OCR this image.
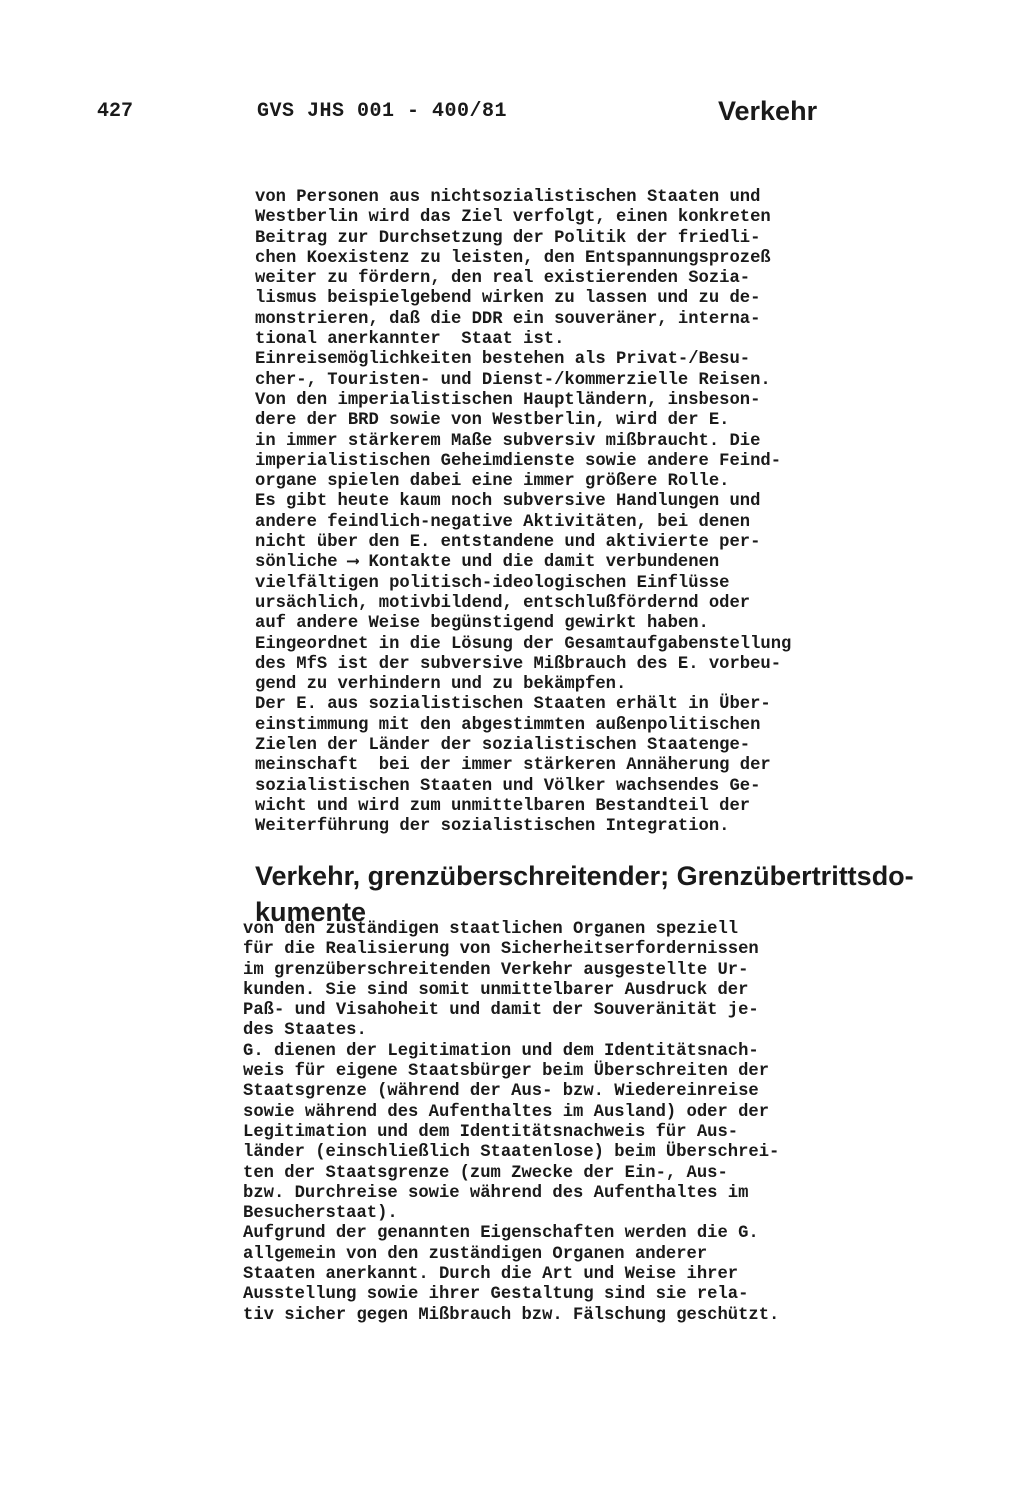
427	GVS JHS 001 - 400/81	Verkehr
von Personen aus nichtsozialistischen Staaten und
Westberlin wird das Ziel verfolgt, einen konkreten
Beitrag zur Durchsetzung der Politik der friedli-
chen Koexistenz zu leisten, den Entspannungsprozeß
weiter zu fördern, den real existierenden Sozia-
lismus beispielgebend wirken zu lassen und zu de-
monstrieren, daß die DDR ein souveräner, interna-
tional anerkannter  Staat ist.
Einreisemöglichkeiten bestehen als Privat-/Besu-
cher-, Touristen- und Dienst-/kommerzielle Reisen.
Von den imperialistischen Hauptländern, insbeson-
dere der BRD sowie von Westberlin, wird der E.
in immer stärkerem Maße subversiv mißbraucht. Die
imperialistischen Geheimdienste sowie andere Feind-
organe spielen dabei eine immer größere Rolle.
Es gibt heute kaum noch subversive Handlungen und
andere feindlich-negative Aktivitäten, bei denen
nicht über den E. entstandene und aktivierte per-
sönliche ⟶ Kontakte und die damit verbundenen
vielfältigen politisch-ideologischen Einflüsse
ursächlich, motivbildend, entschlußfördernd oder
auf andere Weise begünstigend gewirkt haben.
Eingeordnet in die Lösung der Gesamtaufgabenstellung
des MfS ist der subversive Mißbrauch des E. vorbeu-
gend zu verhindern und zu bekämpfen.
Der E. aus sozialistischen Staaten erhält in Über-
einstimmung mit den abgestimmten außenpolitischen
Zielen der Länder der sozialistischen Staatenge-
meinschaft  bei der immer stärkeren Annäherung der
sozialistischen Staaten und Völker wachsendes Ge-
wicht und wird zum unmittelbaren Bestandteil der
Weiterführung der sozialistischen Integration.
Verkehr, grenzüberschreitender; Grenzübertrittsdo-
kumente
von den zuständigen staatlichen Organen speziell
für die Realisierung von Sicherheitserfordernissen
im grenzüberschreitenden Verkehr ausgestellte Ur-
kunden. Sie sind somit unmittelbarer Ausdruck der
Paß- und Visahoheit und damit der Souveränität je-
des Staates.
G. dienen der Legitimation und dem Identitätsnach-
weis für eigene Staatsbürger beim Überschreiten der
Staatsgrenze (während der Aus- bzw. Wiedereinreise
sowie während des Aufenthaltes im Ausland) oder der
Legitimation und dem Identitätsnachweis für Aus-
länder (einschließlich Staatenlose) beim Überschrei-
ten der Staatsgrenze (zum Zwecke der Ein-, Aus-
bzw. Durchreise sowie während des Aufenthaltes im
Besucherstaat).
Aufgrund der genannten Eigenschaften werden die G.
allgemein von den zuständigen Organen anderer
Staaten anerkannt. Durch die Art und Weise ihrer
Ausstellung sowie ihrer Gestaltung sind sie rela-
tiv sicher gegen Mißbrauch bzw. Fälschung geschützt.
